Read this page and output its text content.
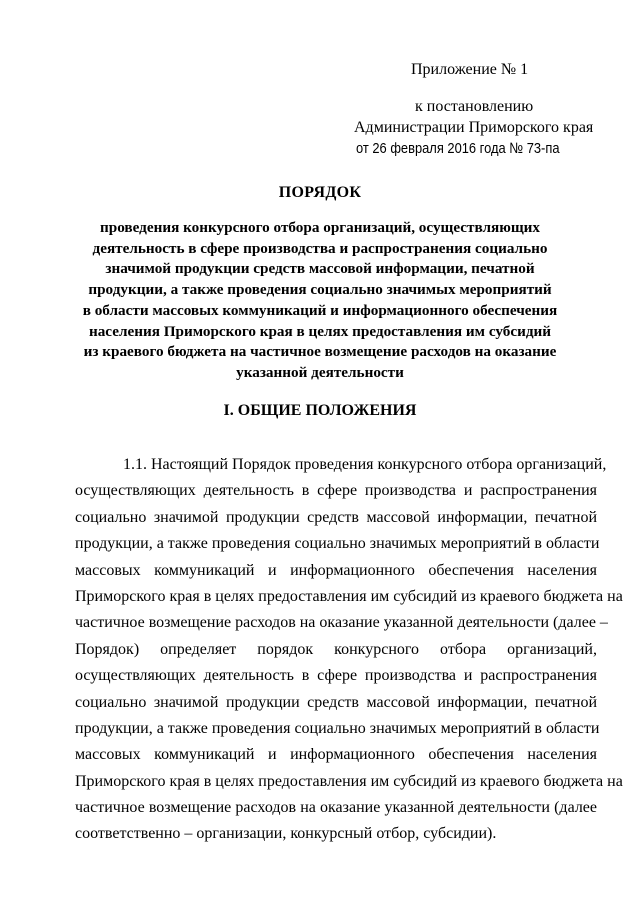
Приложение № 1
к постановлению
Администрации Приморского края
от 26 февраля 2016 года № 73-па
ПОРЯДОК
проведения конкурсного отбора организаций, осуществляющих
деятельность в сфере производства и распространения социально
значимой продукции средств массовой информации, печатной
продукции, а также проведения социально значимых мероприятий
в области массовых коммуникаций и информационного обеспечения
населения Приморского края в целях предоставления им субсидий
из краевого бюджета на частичное возмещение расходов на оказание
указанной деятельности
I. ОБЩИЕ ПОЛОЖЕНИЯ
1.1. Настоящий Порядок проведения конкурсного отбора организаций,
осуществляющих деятельность в сфере производства и распространения
социально значимой продукции средств массовой информации, печатной
продукции, а также проведения социально значимых мероприятий в области
массовых коммуникаций и информационного обеспечения населения
Приморского края в целях предоставления им субсидий из краевого бюджета на
частичное возмещение расходов на оказание указанной деятельности (далее –
Порядок) определяет порядок конкурсного отбора организаций,
осуществляющих деятельность в сфере производства и распространения
социально значимой продукции средств массовой информации, печатной
продукции, а также проведения социально значимых мероприятий в области
массовых коммуникаций и информационного обеспечения населения
Приморского края в целях предоставления им субсидий из краевого бюджета на
частичное возмещение расходов на оказание указанной деятельности (далее
соответственно – организации, конкурсный отбор, субсидии).
